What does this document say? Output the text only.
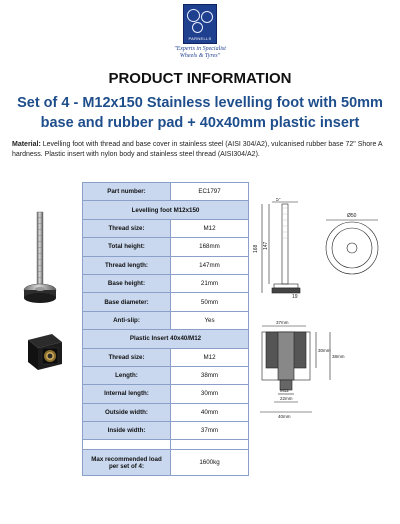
PARNELLS
"Experts in Specialist
Wheels & Tyres"
PRODUCT INFORMATION
Set of 4 - M12x150 Stainless levelling foot with 50mm
base and rubber pad + 40x40mm plastic insert
Material: Levelling foot with thread and base cover in stainless steel (AISI 304/A2), vulcanised rubber base 72" Shore A hardness. Plastic insert with nylon body and stainless steel thread (AISI304/A2).
Part number:	EC1797
Levelling foot M12x150	
Thread size:	M12
Total height:	168mm
Thread length:	147mm
Base height:	21mm
Base diameter:	50mm
Anti-slip:	Yes
Plastic Insert 40x40/M12	
Thread size:	M12
Length:	38mm
Internal length:	30mm
Outside width:	40mm
Inside width:	37mm

Max recommended load
per set of 4:	1600kg
168 147
Ø50
5°
19
37mm
30mm
38mm
M12
22mm
40mm
